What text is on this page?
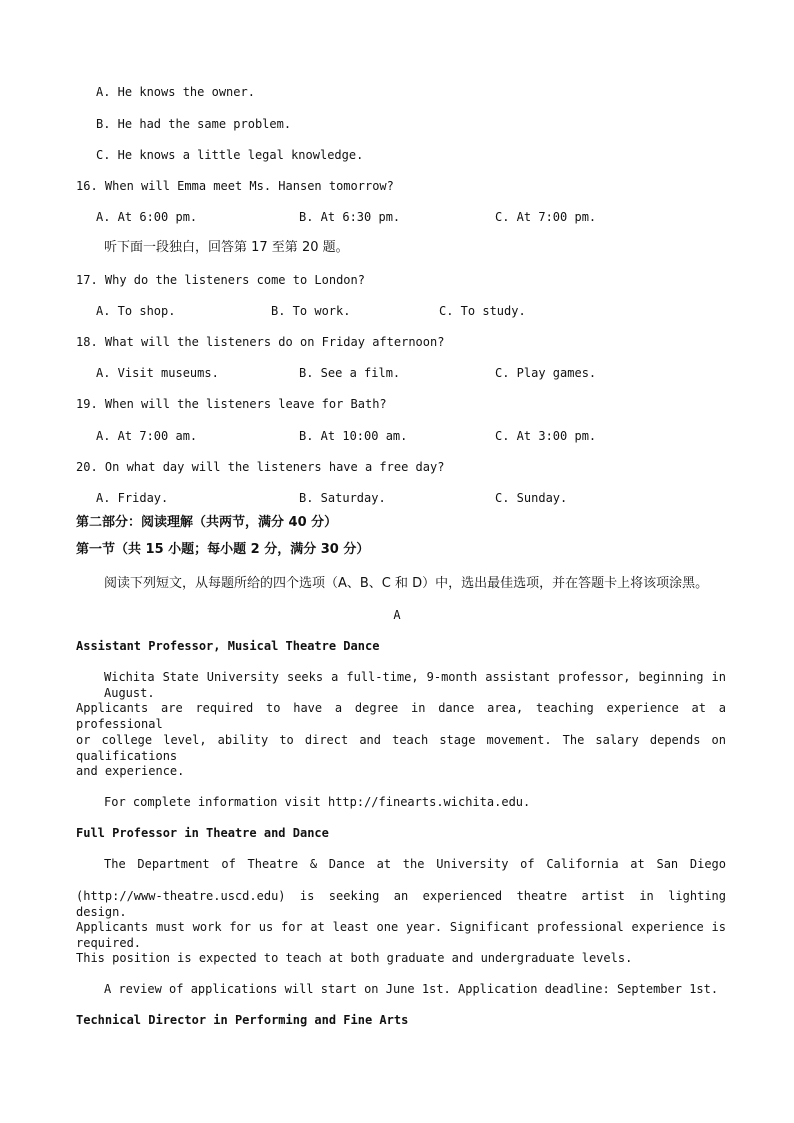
A. He knows the owner.
B. He had the same problem.
C. He knows a little legal knowledge.
16. When will Emma meet Ms. Hansen tomorrow?
A. At 6:00 pm.	B. At 6:30 pm.	C. At 7:00 pm.
听下面一段独白，回答第 17 至第 20 题。
17. Why do the listeners come to London?
A. To shop.	B. To work.	C. To study.
18. What will the listeners do on Friday afternoon?
A. Visit museums.	B. See a film.	C. Play games.
19. When will the listeners leave for Bath?
A. At 7:00 am.	B. At 10:00 am.	C. At 3:00 pm.
20. On what day will the listeners have a free day?
A. Friday.	B. Saturday.	C. Sunday.
第二部分：阅读理解（共两节，满分 40 分）
第一节（共 15 小题；每小题 2 分，满分 30 分）
阅读下列短文，从每题所给的四个选项（A、B、C 和 D）中，选出最佳选项，并在答题卡上将该项涂黑。
A
Assistant Professor, Musical Theatre Dance
Wichita State University seeks a full-time, 9-month assistant professor, beginning in August.
Applicants are required to have a degree in dance area, teaching experience at a professional
or college level, ability to direct and teach stage movement. The salary depends on qualifications
and experience.
For complete information visit http://finearts.wichita.edu.
Full Professor in Theatre and Dance
The Department of Theatre & Dance at the University of California at San Diego
(http://www-theatre.uscd.edu) is seeking an experienced theatre artist in lighting design.
Applicants must work for us for at least one year. Significant professional experience is required.
This position is expected to teach at both graduate and undergraduate levels.
A review of applications will start on June 1st. Application deadline: September 1st.
Technical Director in Performing and Fine Arts
